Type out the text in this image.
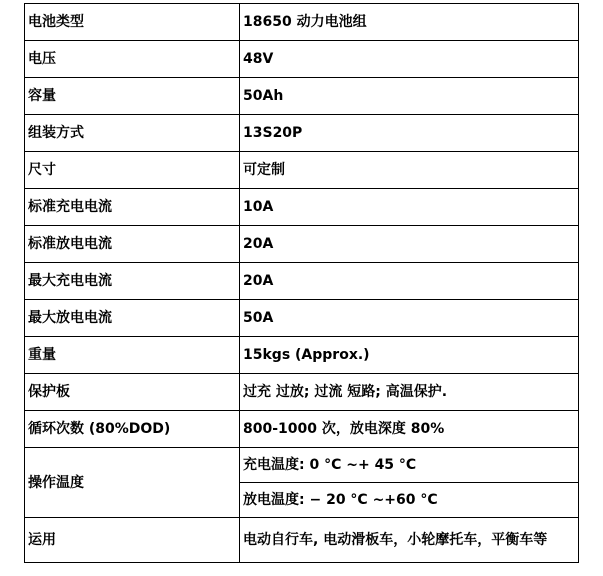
电池类型	18650 动力电池组
电压	48V
容量	50Ah
组装方式	13S20P
尺寸	可定制
标准充电电流	10A
标准放电电流	20A
最大充电电流	20A
最大放电电流	50A
重量	15kgs (Approx.)
保护板	过充 过放; 过流 短路; 高温保护.
循环次数 (80%DOD)	800-1000 次，放电深度 80%
操作温度	充电温度: 0 °C ~+ 45 °C
	放电温度: − 20 °C ~+60 °C
运用	电动自行车, 电动滑板车，小轮摩托车，平衡车等
